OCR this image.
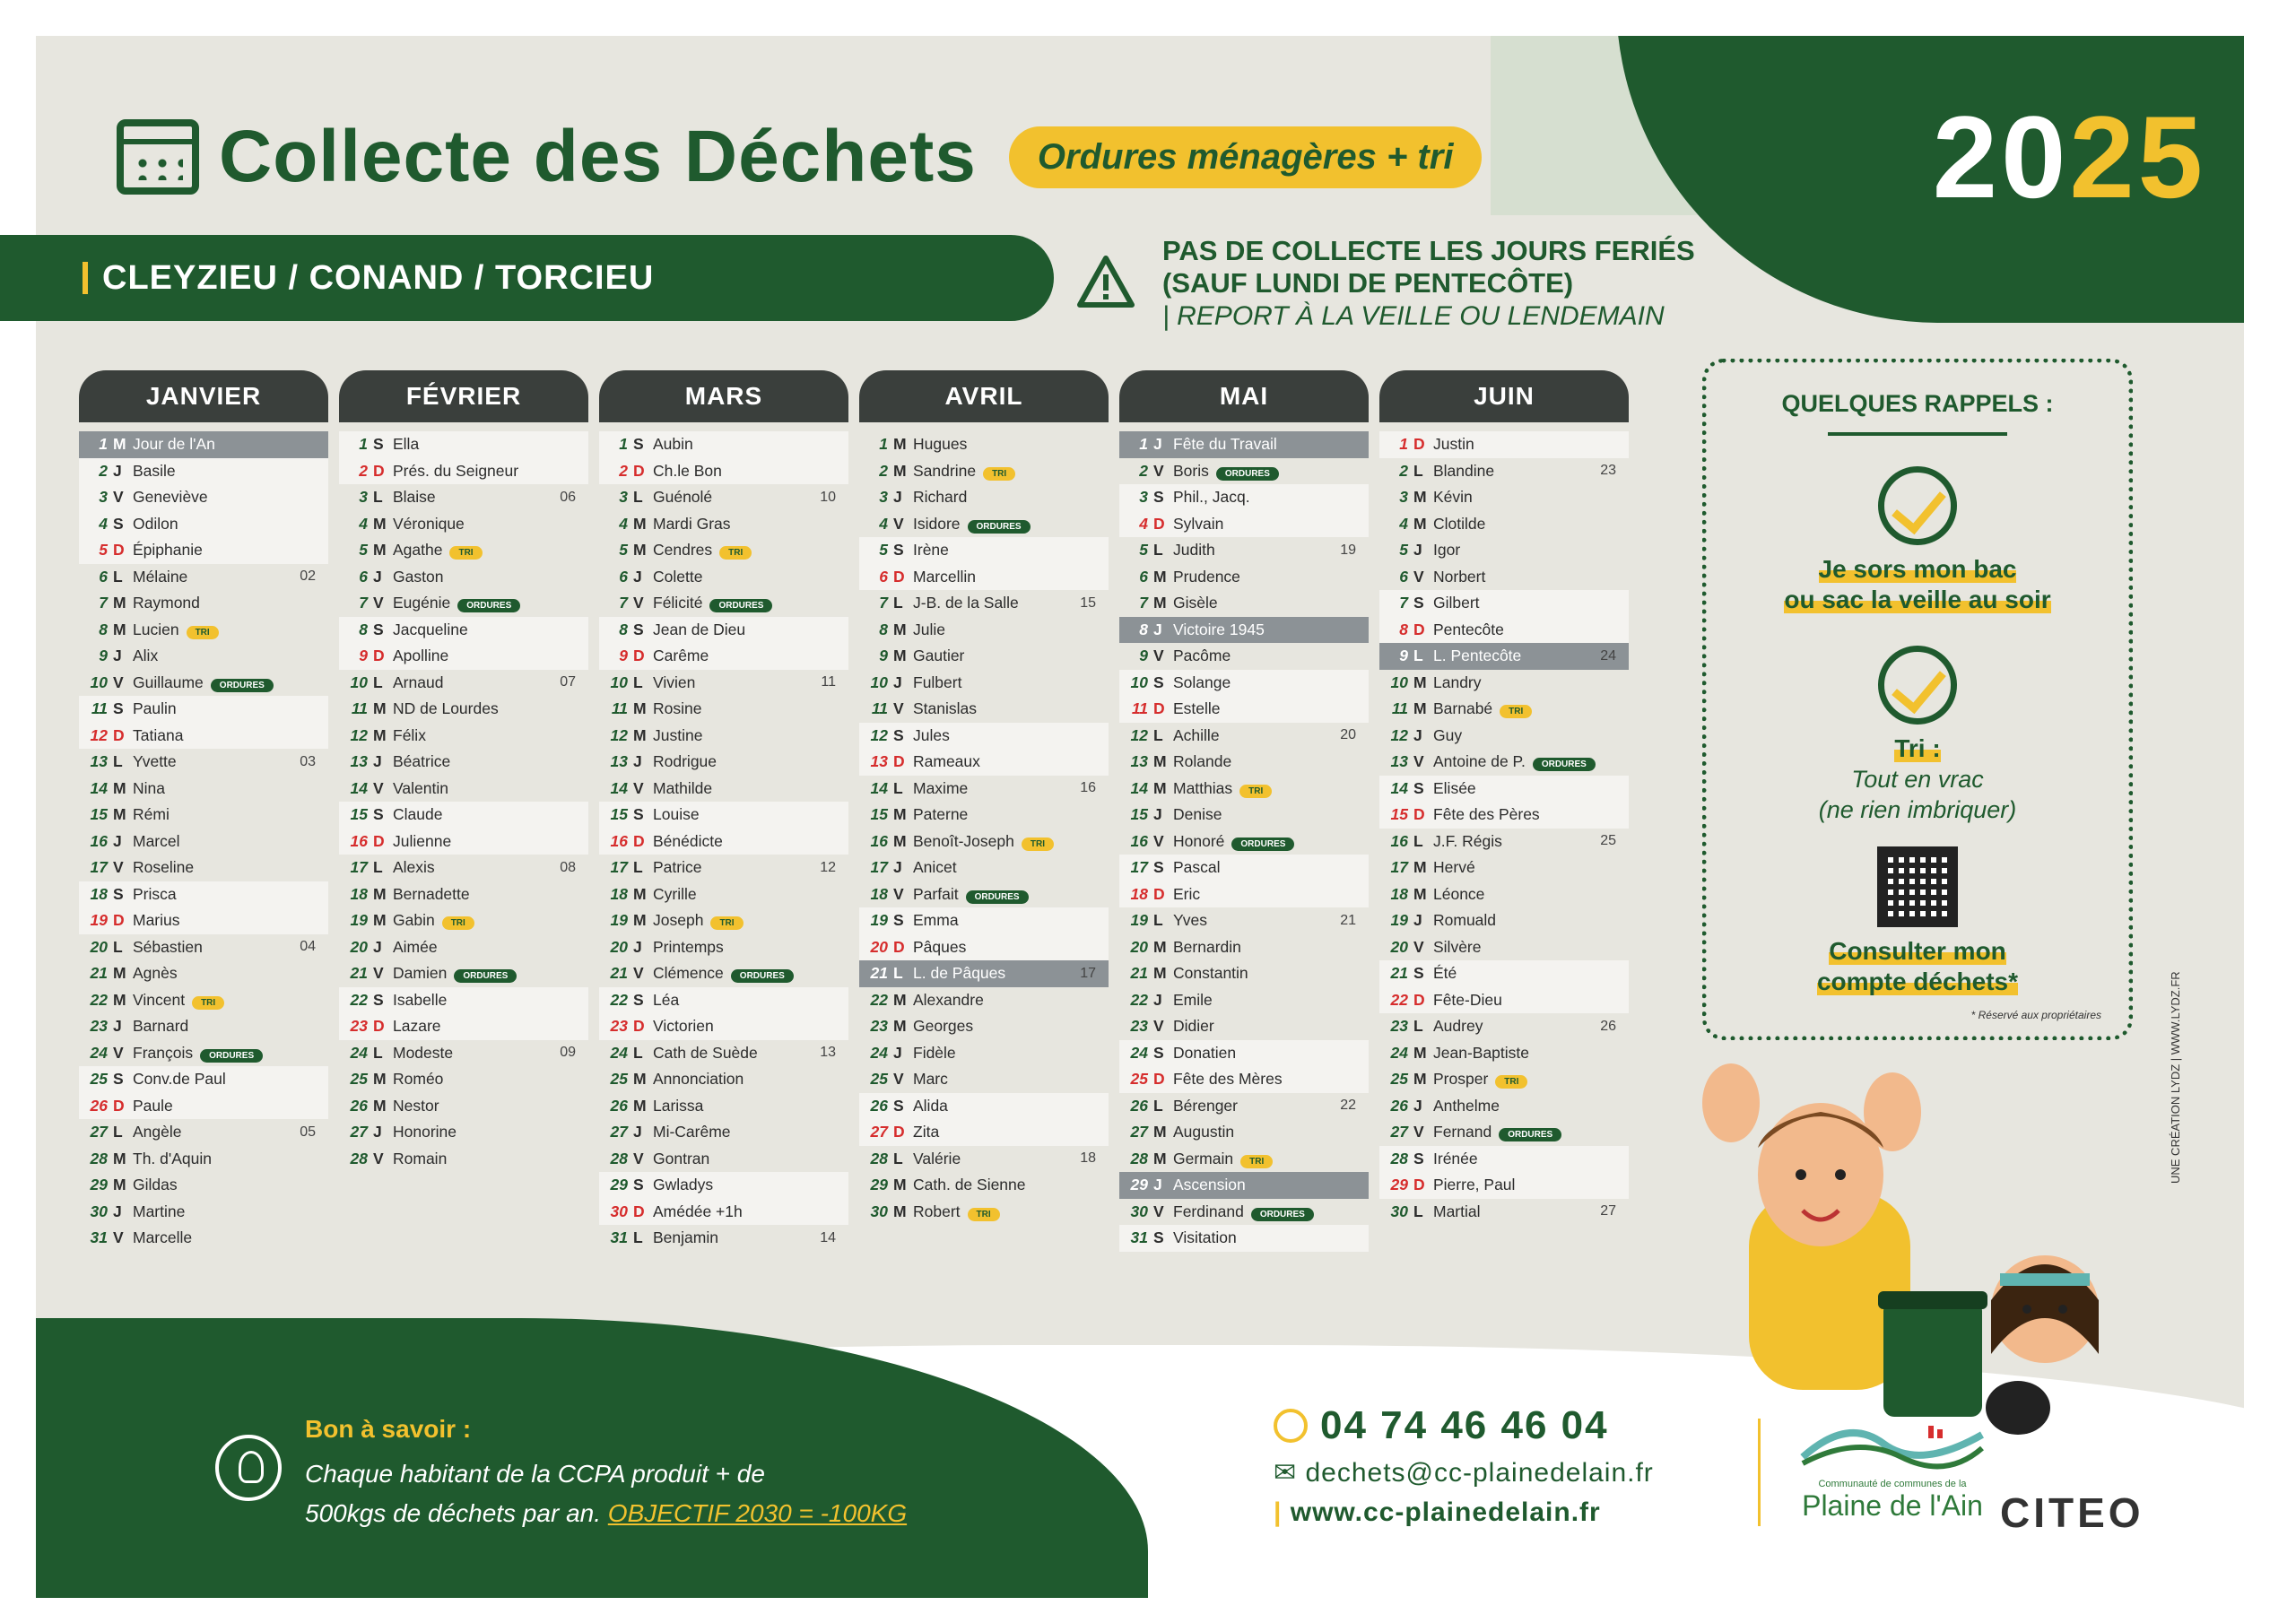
Collecte des Déchets	Ordures ménagères + tri	2025
CLEYZIEU / CONAND / TORCIEU
PAS DE COLLECTE LES JOURS FERIÉS
(SAUF LUNDI DE PENTECÔTE)
| REPORT À LA VEILLE OU LENDEMAIN
JANVIER
1 M Jour de l'An
2 J Basile
3 V Geneviève
4 S Odilon
5 D Épiphanie
6 L Mélaine	02
7 M Raymond
8 M Lucien TRI
9 J Alix
10 V Guillaume ORDURES
11 S Paulin
12 D Tatiana
13 L Yvette	03
14 M Nina
15 M Rémi
16 J Marcel
17 V Roseline
18 S Prisca
19 D Marius
20 L Sébastien	04
21 M Agnès
22 M Vincent TRI
23 J Barnard
24 V François ORDURES
25 S Conv.de Paul
26 D Paule
27 L Angèle	05
28 M Th. d'Aquin
29 M Gildas
30 J Martine
31 V Marcelle
FÉVRIER
1 S Ella
2 D Prés. du Seigneur
3 L Blaise	06
4 M Véronique
5 M Agathe TRI
6 J Gaston
7 V Eugénie ORDURES
8 S Jacqueline
9 D Apolline
10 L Arnaud	07
11 M ND de Lourdes
12 M Félix
13 J Béatrice
14 V Valentin
15 S Claude
16 D Julienne
17 L Alexis	08
18 M Bernadette
19 M Gabin TRI
20 J Aimée
21 V Damien ORDURES
22 S Isabelle
23 D Lazare
24 L Modeste	09
25 M Roméo
26 M Nestor
27 J Honorine
28 V Romain
MARS
1 S Aubin
2 D Ch.le Bon
3 L Guénolé	10
4 M Mardi Gras
5 M Cendres TRI
6 J Colette
7 V Félicité ORDURES
8 S Jean de Dieu
9 D Carême
10 L Vivien	11
11 M Rosine
12 M Justine
13 J Rodrigue
14 V Mathilde
15 S Louise
16 D Bénédicte
17 L Patrice	12
18 M Cyrille
19 M Joseph TRI
20 J Printemps
21 V Clémence ORDURES
22 S Léa
23 D Victorien
24 L Cath de Suède	13
25 M Annonciation
26 M Larissa
27 J Mi-Carême
28 V Gontran
29 S Gwladys
30 D Amédée +1h
31 L Benjamin	14
AVRIL
1 M Hugues
2 M Sandrine TRI
3 J Richard
4 V Isidore ORDURES
5 S Irène
6 D Marcellin
7 L J-B. de la Salle	15
8 M Julie
9 M Gautier
10 J Fulbert
11 V Stanislas
12 S Jules
13 D Rameaux
14 L Maxime	16
15 M Paterne
16 M Benoît-Joseph TRI
17 J Anicet
18 V Parfait ORDURES
19 S Emma
20 D Pâques
21 L L. de Pâques	17
22 M Alexandre
23 M Georges
24 J Fidèle
25 V Marc
26 S Alida
27 D Zita
28 L Valérie	18
29 M Cath. de Sienne
30 M Robert TRI
MAI
1 J Fête du Travail
2 V Boris ORDURES
3 S Phil., Jacq.
4 D Sylvain
5 L Judith	19
6 M Prudence
7 M Gisèle
8 J Victoire 1945
9 V Pacôme
10 S Solange
11 D Estelle
12 L Achille	20
13 M Rolande
14 M Matthias TRI
15 J Denise
16 V Honoré ORDURES
17 S Pascal
18 D Eric
19 L Yves	21
20 M Bernardin
21 M Constantin
22 J Emile
23 V Didier
24 S Donatien
25 D Fête des Mères
26 L Bérenger	22
27 M Augustin
28 M Germain TRI
29 J Ascension
30 V Ferdinand ORDURES
31 S Visitation
JUIN
1 D Justin
2 L Blandine	23
3 M Kévin
4 M Clotilde
5 J Igor
6 V Norbert
7 S Gilbert
8 D Pentecôte
9 L L. Pentecôte	24
10 M Landry
11 M Barnabé TRI
12 J Guy
13 V Antoine de P. ORDURES
14 S Elisée
15 D Fête des Pères
16 L J.F. Régis	25
17 M Hervé
18 M Léonce
19 J Romuald
20 V Silvère
21 S Été
22 D Fête-Dieu
23 L Audrey	26
24 M Jean-Baptiste
25 M Prosper TRI
26 J Anthelme
27 V Fernand ORDURES
28 S Irénée
29 D Pierre, Paul
30 L Martial	27
QUELQUES RAPPELS :
Je sors mon bac
ou sac la veille au soir
Tri :
Tout en vrac
(ne rien imbriquer)
Consulter mon
compte déchets*
* Réservé aux propriétaires
Bon à savoir :
Chaque habitant de la CCPA produit + de
500kgs de déchets par an. OBJECTIF 2030 = -100KG
04 74 46 46 04
✉ dechets@cc-plainedelain.fr
| www.cc-plainedelain.fr
Communauté de communes de la
Plaine de l'Ain CITEO
UNE CRÉATION LYDZ | WWW.LYDZ.FR
